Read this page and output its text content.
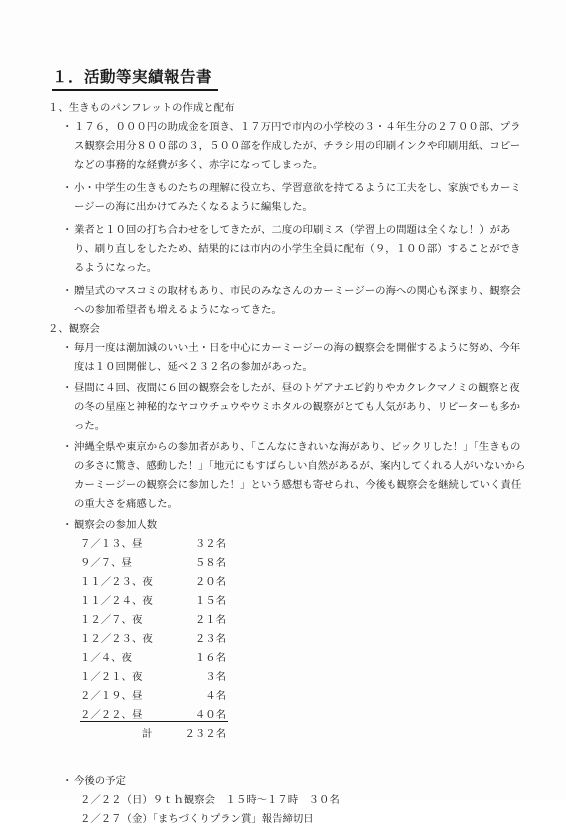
１．活動等実績報告書
１、生きものパンフレットの作成と配布
・ １７６，０００円の助成金を頂き、１７万円で市内の小学校の３・４年生分の２７００部、プラス観察会用分８００部の３，５００部を作成したが、チラシ用の印刷インクや印刷用紙、コピーなどの事務的な経費が多く、赤字になってしまった。
・ 小・中学生の生きものたちの理解に役立ち、学習意欲を持てるように工夫をし、家族でもカーミージーの海に出かけてみたくなるように編集した。
・ 業者と１０回の打ち合わせをしてきたが、二度の印刷ミス（学習上の問題は全くなし！）があり、刷り直しをしたため、結果的には市内の小学生全員に配布（９，１００部）することができるようになった。
・ 贈呈式のマスコミの取材もあり、市民のみなさんのカーミージーの海への関心も深まり、観察会への参加希望者も増えるようになってきた。
２、観察会
・ 毎月一度は潮加減のいい土・日を中心にカーミージーの海の観察会を開催するように努め、今年度は１０回開催し、延べ２３２名の参加があった。
・ 昼間に４回、夜間に６回の観察会をしたが、昼のトゲアナエビ釣りやカクレクマノミの観察と夜の冬の星座と神秘的なヤコウチュウやウミホタルの観察がとても人気があり、リピーターも多かった。
・ 沖縄全県や東京からの参加者があり、「こんなにきれいな海があり、ビックリした！」「生きものの多さに驚き、感動した！」「地元にもすばらしい自然があるが、案内してくれる人がいないからカーミージーの観察会に参加した！」という感想も寄せられ、今後も観察会を継続していく責任の重大さを痛感した。
・ 観察会の参加人数
７／１３、昼	３２名
９／７、昼	５８名
１１／２３、夜	２０名
１１／２４、夜	１５名
１２／７、夜	２１名
１２／２３、夜	２３名
１／４、夜	１６名
１／２１、夜	３名
２／１９、昼	４名
２／２２、昼	４０名
計	２３２名
・ 今後の予定
２／２２（日）９ｔｈ観察会　１５時～１７時　３０名
２／２７（金）「まちづくりプラン賞」報告締切日
